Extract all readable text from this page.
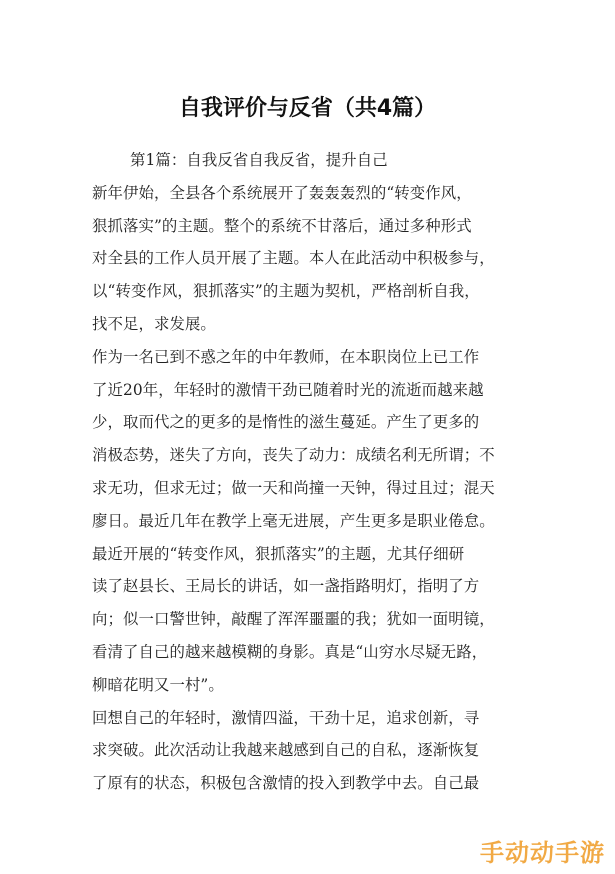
自我评价与反省（共4篇）
第1篇：自我反省自我反省，提升自己
新年伊始，全县各个系统展开了轰轰轰烈的“转变作风，
狠抓落实”的主题。整个的系统不甘落后，通过多种形式
对全县的工作人员开展了主题。本人在此活动中积极参与，
以“转变作风，狠抓落实”的主题为契机，严格剖析自我，
找不足，求发展。
作为一名已到不惑之年的中年教师，在本职岗位上已工作
了近20年，年轻时的激情干劲已随着时光的流逝而越来越
少，取而代之的更多的是惰性的滋生蔓延。产生了更多的
消极态势，迷失了方向，丧失了动力：成绩名利无所谓；不
求无功，但求无过；做一天和尚撞一天钟，得过且过；混天
廖日。最近几年在教学上毫无进展，产生更多是职业倦怠。
最近开展的“转变作风，狠抓落实”的主题，尤其仔细研
读了赵县长、王局长的讲话，如一盏指路明灯，指明了方
向；似一口警世钟，敲醒了浑浑噩噩的我；犹如一面明镜，
看清了自己的越来越模糊的身影。真是“山穷水尽疑无路，
柳暗花明又一村”。
回想自己的年轻时，激情四溢，干劲十足，追求创新，寻
求突破。此次活动让我越来越感到自己的自私，逐渐恢复
了原有的状态，积极包含激情的投入到教学中去。自己最
手动动手游
